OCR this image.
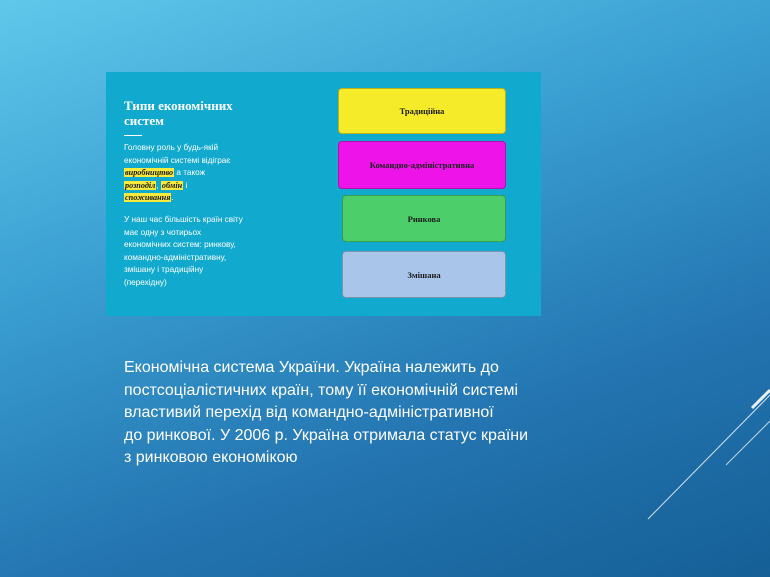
Типи економічних
систем

Головну роль у будь-якій
економічній системі відіграє
виробництво а також
розподіл, обмін і
споживання.

У наш час більшість країн світу
має одну з чотирьох
економічних систем: ринкову,
командно-адміністративну,
змішану і традиційну
(перехідну)

Традиційна
Командно-адміністративна
Ринкова
Змішана

Економічна система України. Україна належить до
постсоціалістичних країн, тому її економічній системі
властивий перехід від командно-адміністративної
до ринкової. У 2006 р. Україна отримала статус країни
з ринковою економікою
